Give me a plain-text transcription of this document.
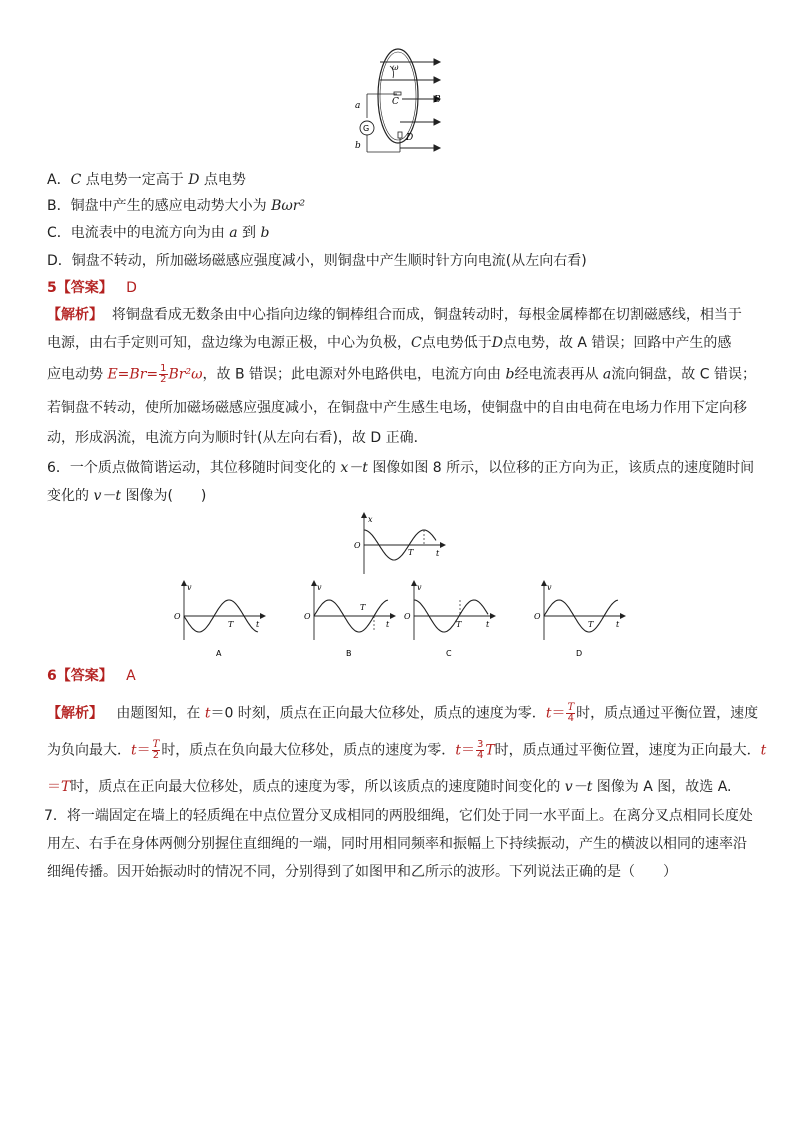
ω
C	B
a
G
b
D
A．C 点电势一定高于 D 点电势
B．铜盘中产生的感应电动势大小为 Bωr²
C．电流表中的电流方向为由 a 到 b
D．铜盘不转动，所加磁场磁感应强度减小，则铜盘中产生顺时针方向电流(从左向右看)
5【答案】 D
【解析】 将铜盘看成无数条由中心指向边缘的铜棒组合而成，铜盘转动时，每根金属棒都在切割磁感线，相当于
电源，由右手定则可知，盘边缘为电源正极，中心为负极，C点电势低于D点电势，故 A 错误；回路中产生的感
应电动势 $E=Br= \frac{1}{2} Br^2\omega$，故 B 错误；此电源对外电路供电，电流方向由 b经电流表再从 a流向铜盘，故 C 错误；
若铜盘不转动，使所加磁场磁感应强度减小，在铜盘中产生感生电场，使铜盘中的自由电荷在电场力作用下定向移
动，形成涡流，电流方向为顺时针(从左向右看)，故 D 正确．
6．一个质点做简谐运动，其位移随时间变化的 x－t 图像如图 8 所示，以位移的正方向为正，该质点的速度随时间
变化的 v－t 图像为(　　)
x
O
T	t
v
O
T	t
A
v
O
T
t
B
v
O
T	t
C
v
O
T	t
D
6【答案】 A
【解析】 由题图知，在 t＝0 时刻，质点在正向最大位移处，质点的速度为零．$t= \frac{T}{4}$ 时，质点通过平衡位置，速度
为负向最大．$t= \frac{T}{2}$ 时，质点在负向最大位移处，质点的速度为零．$t= \frac{3}{4}$ T时，质点通过平衡位置，速度为正向最大．t
＝T时，质点在正向最大位移处，质点的速度为零，所以该质点的速度随时间变化的 v－t 图像为 A 图，故选 A.
7．将一端固定在墙上的轻质绳在中点位置分叉成相同的两股细绳，它们处于同一水平面上。在离分叉点相同长度处
用左、右手在身体两侧分别握住直细绳的一端，同时用相同频率和振幅上下持续振动，产生的横波以相同的速率沿
细绳传播。因开始振动时的情况不同，分别得到了如图甲和乙所示的波形。下列说法正确的是（　　）
